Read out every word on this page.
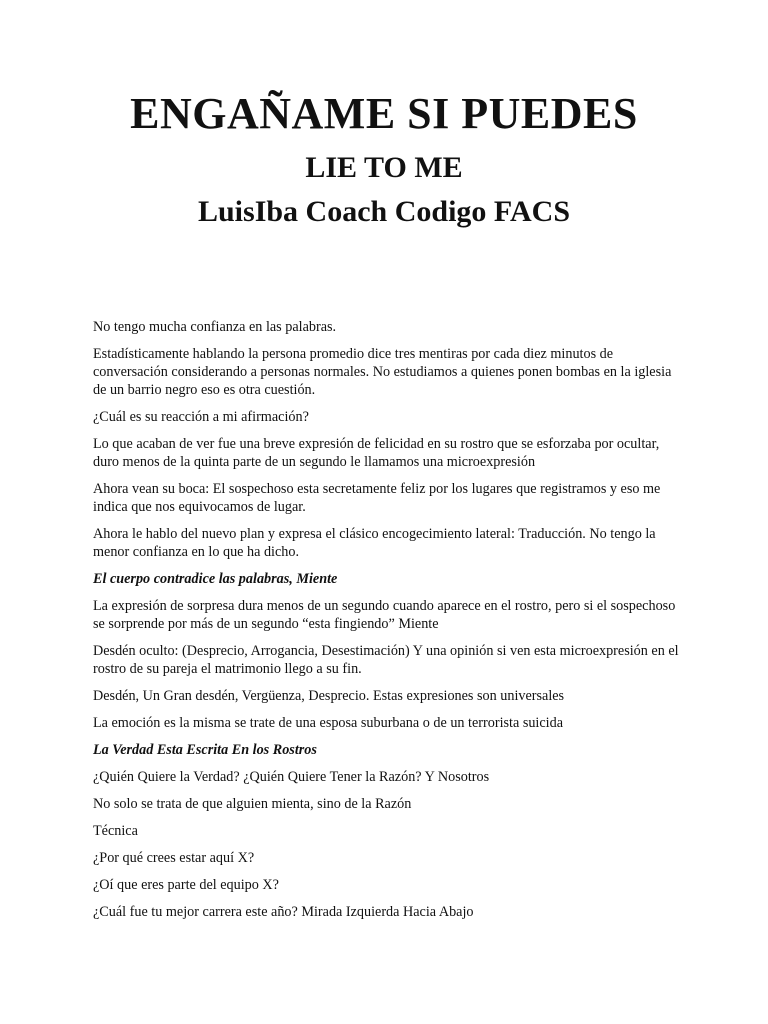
ENGAÑAME SI PUEDES
LIE TO ME
LuisIba Coach Codigo FACS

No tengo mucha confianza en las palabras.

Estadísticamente hablando la persona promedio dice tres mentiras por cada diez minutos de conversación considerando a personas normales. No estudiamos a quienes ponen bombas en la iglesia de un barrio negro eso es otra cuestión.

¿Cuál es su reacción a mi afirmación?

Lo que acaban de ver fue una breve expresión de felicidad en su rostro que se esforzaba por ocultar, duro menos de la quinta parte de un segundo le llamamos una microexpresión

Ahora vean su boca: El sospechoso esta secretamente feliz por los lugares que registramos y eso me indica que nos equivocamos de lugar.

Ahora le hablo del nuevo plan y expresa el clásico encogecimiento lateral: Traducción. No tengo la menor confianza en lo que ha dicho.

El cuerpo contradice las palabras, Miente

La expresión de sorpresa dura menos de un segundo cuando aparece en el rostro, pero si el sospechoso se sorprende por más de un segundo “esta fingiendo” Miente

Desdén oculto: (Desprecio, Arrogancia, Desestimación) Y una opinión si ven esta microexpresión en el rostro de su pareja el matrimonio llego a su fin.

Desdén, Un Gran desdén, Vergüenza, Desprecio. Estas expresiones son universales

La emoción es la misma se trate de una esposa suburbana o de un terrorista suicida

La Verdad Esta Escrita En los Rostros

¿Quién Quiere la Verdad? ¿Quién Quiere Tener la Razón? Y Nosotros

No solo se trata de que alguien mienta, sino de la Razón

Técnica

¿Por qué crees estar aquí X?

¿Oí que eres parte del equipo X?

¿Cuál fue tu mejor carrera este año? Mirada Izquierda Hacia Abajo
